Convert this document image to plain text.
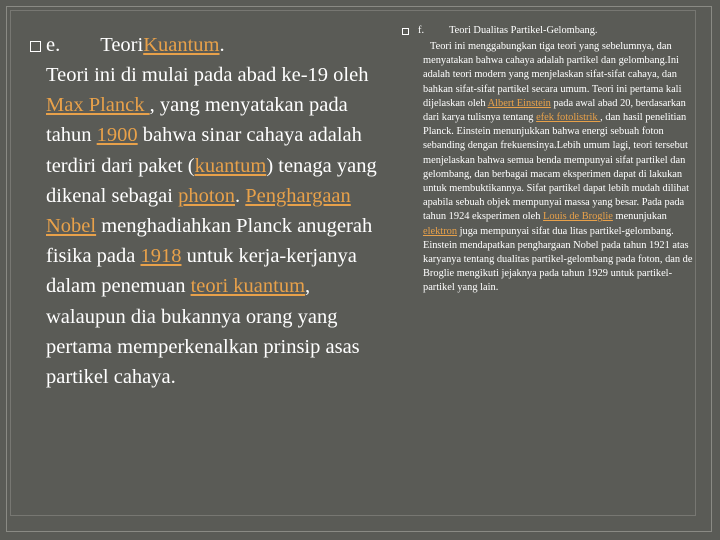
e. Teori Kuantum .
Teori ini di mulai pada abad ke-19 oleh Max Planck , yang menyatakan pada tahun 1900 bahwa sinar cahaya adalah terdiri dari paket (kuantum) tenaga yang dikenal sebagai photon. Penghargaan Nobel menghadiahkan Planck anugerah fisika pada 1918 untuk kerja-kerjanya dalam penemuan teori kuantum, walaupun dia bukannya orang yang pertama memperkenalkan prinsip asas partikel cahaya.
f. Teori Dualitas Partikel-Gelombang.
Teori ini menggabungkan tiga teori yang sebelumnya, dan menyatakan bahwa cahaya adalah partikel dan gelombang.Ini adalah teori modern yang menjelaskan sifat-sifat cahaya, dan bahkan sifat-sifat partikel secara umum. Teori ini pertama kali dijelaskan oleh Albert Einstein pada awal abad 20, berdasarkan dari karya tulisnya tentang efek fotolistrik , dan hasil penelitian Planck. Einstein menunjukkan bahwa energi sebuah foton sebanding dengan frekuensinya.Lebih umum lagi, teori tersebut menjelaskan bahwa semua benda mempunyai sifat partikel dan gelombang, dan berbagai macam eksperimen dapat di lakukan untuk membuktikannya. Sifat partikel dapat lebih mudah dilihat apabila sebuah objek mempunyai massa yang besar. Pada pada tahun 1924 eksperimen oleh Louis de Broglie menunjukan elektron juga mempunyai sifat dua litas partikel-gelombang. Einstein mendapatkan penghargaan Nobel pada tahun 1921 atas karyanya tentang dualitas partikel-gelombang pada foton, dan de Broglie mengikuti jejaknya pada tahun 1929 untuk partikel-partikel yang lain.
